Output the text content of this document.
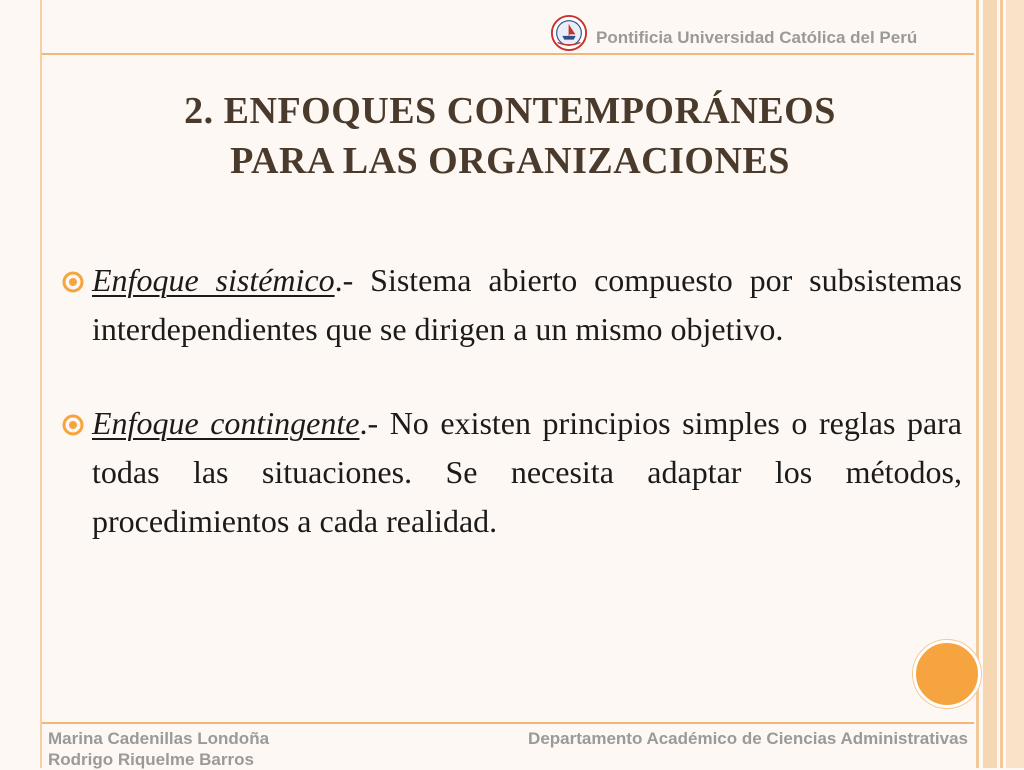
Pontificia Universidad Católica del Perú
2. ENFOQUES CONTEMPORÁNEOS
PARA LAS ORGANIZACIONES
Enfoque sistémico.- Sistema abierto compuesto por subsistemas interdependientes que se dirigen a un mismo objetivo.
Enfoque contingente.- No existen principios simples o reglas para todas las situaciones. Se necesita adaptar los métodos, procedimientos a cada realidad.
Marina Cadenillas Londoña
Rodrigo Riquelme Barros
Departamento Académico de Ciencias Administrativas
